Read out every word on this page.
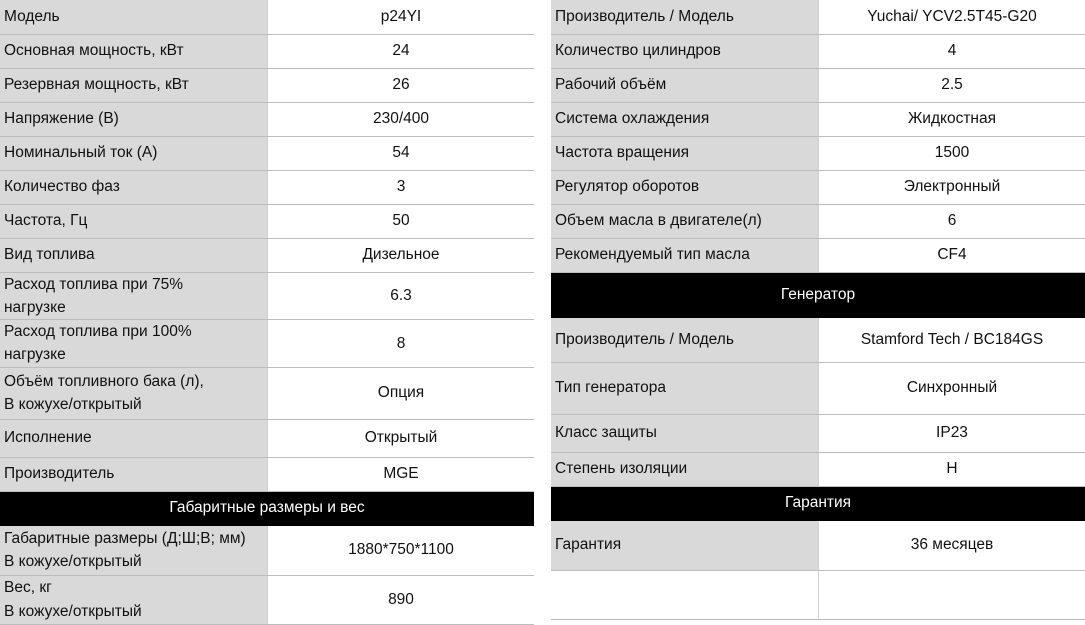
Модель	p24YI
Основная мощность, кВт	24
Резервная мощность, кВт	26
Напряжение (В)	230/400
Номинальный ток (А)	54
Количество фаз	3
Частота, Гц	50
Вид топлива	Дизельное

Расход топлива при 75%
нагрузке	6.3

Расход топлива при 100%
нагрузке	8

Объём топливного бака (л),
В кожухе/открытый	Опция
Исполнение	Открытый
Производитель	MGE
Габаритные размеры и вес	

Габаритные размеры (Д;Ш;В; мм)
В кожухе/открытый	1880*750*1100

Вес, кг
В кожухе/открытый	890
Производитель / Модель	Yuchai/ YCV2.5T45-G20
Количество цилиндров	4
Рабочий объём	2.5
Система охлаждения	Жидкостная
Частота вращения	1500
Регулятор оборотов	Электронный
Объем масла в двигателе(л)	6
Рекомендуемый тип масла	CF4
Генератор	
Производитель / Модель	Stamford Tech / BC184GS
Тип генератора	Синхронный
Класс защиты	IP23
Степень изоляции	H
Гарантия	
Гарантия	36 месяцев
